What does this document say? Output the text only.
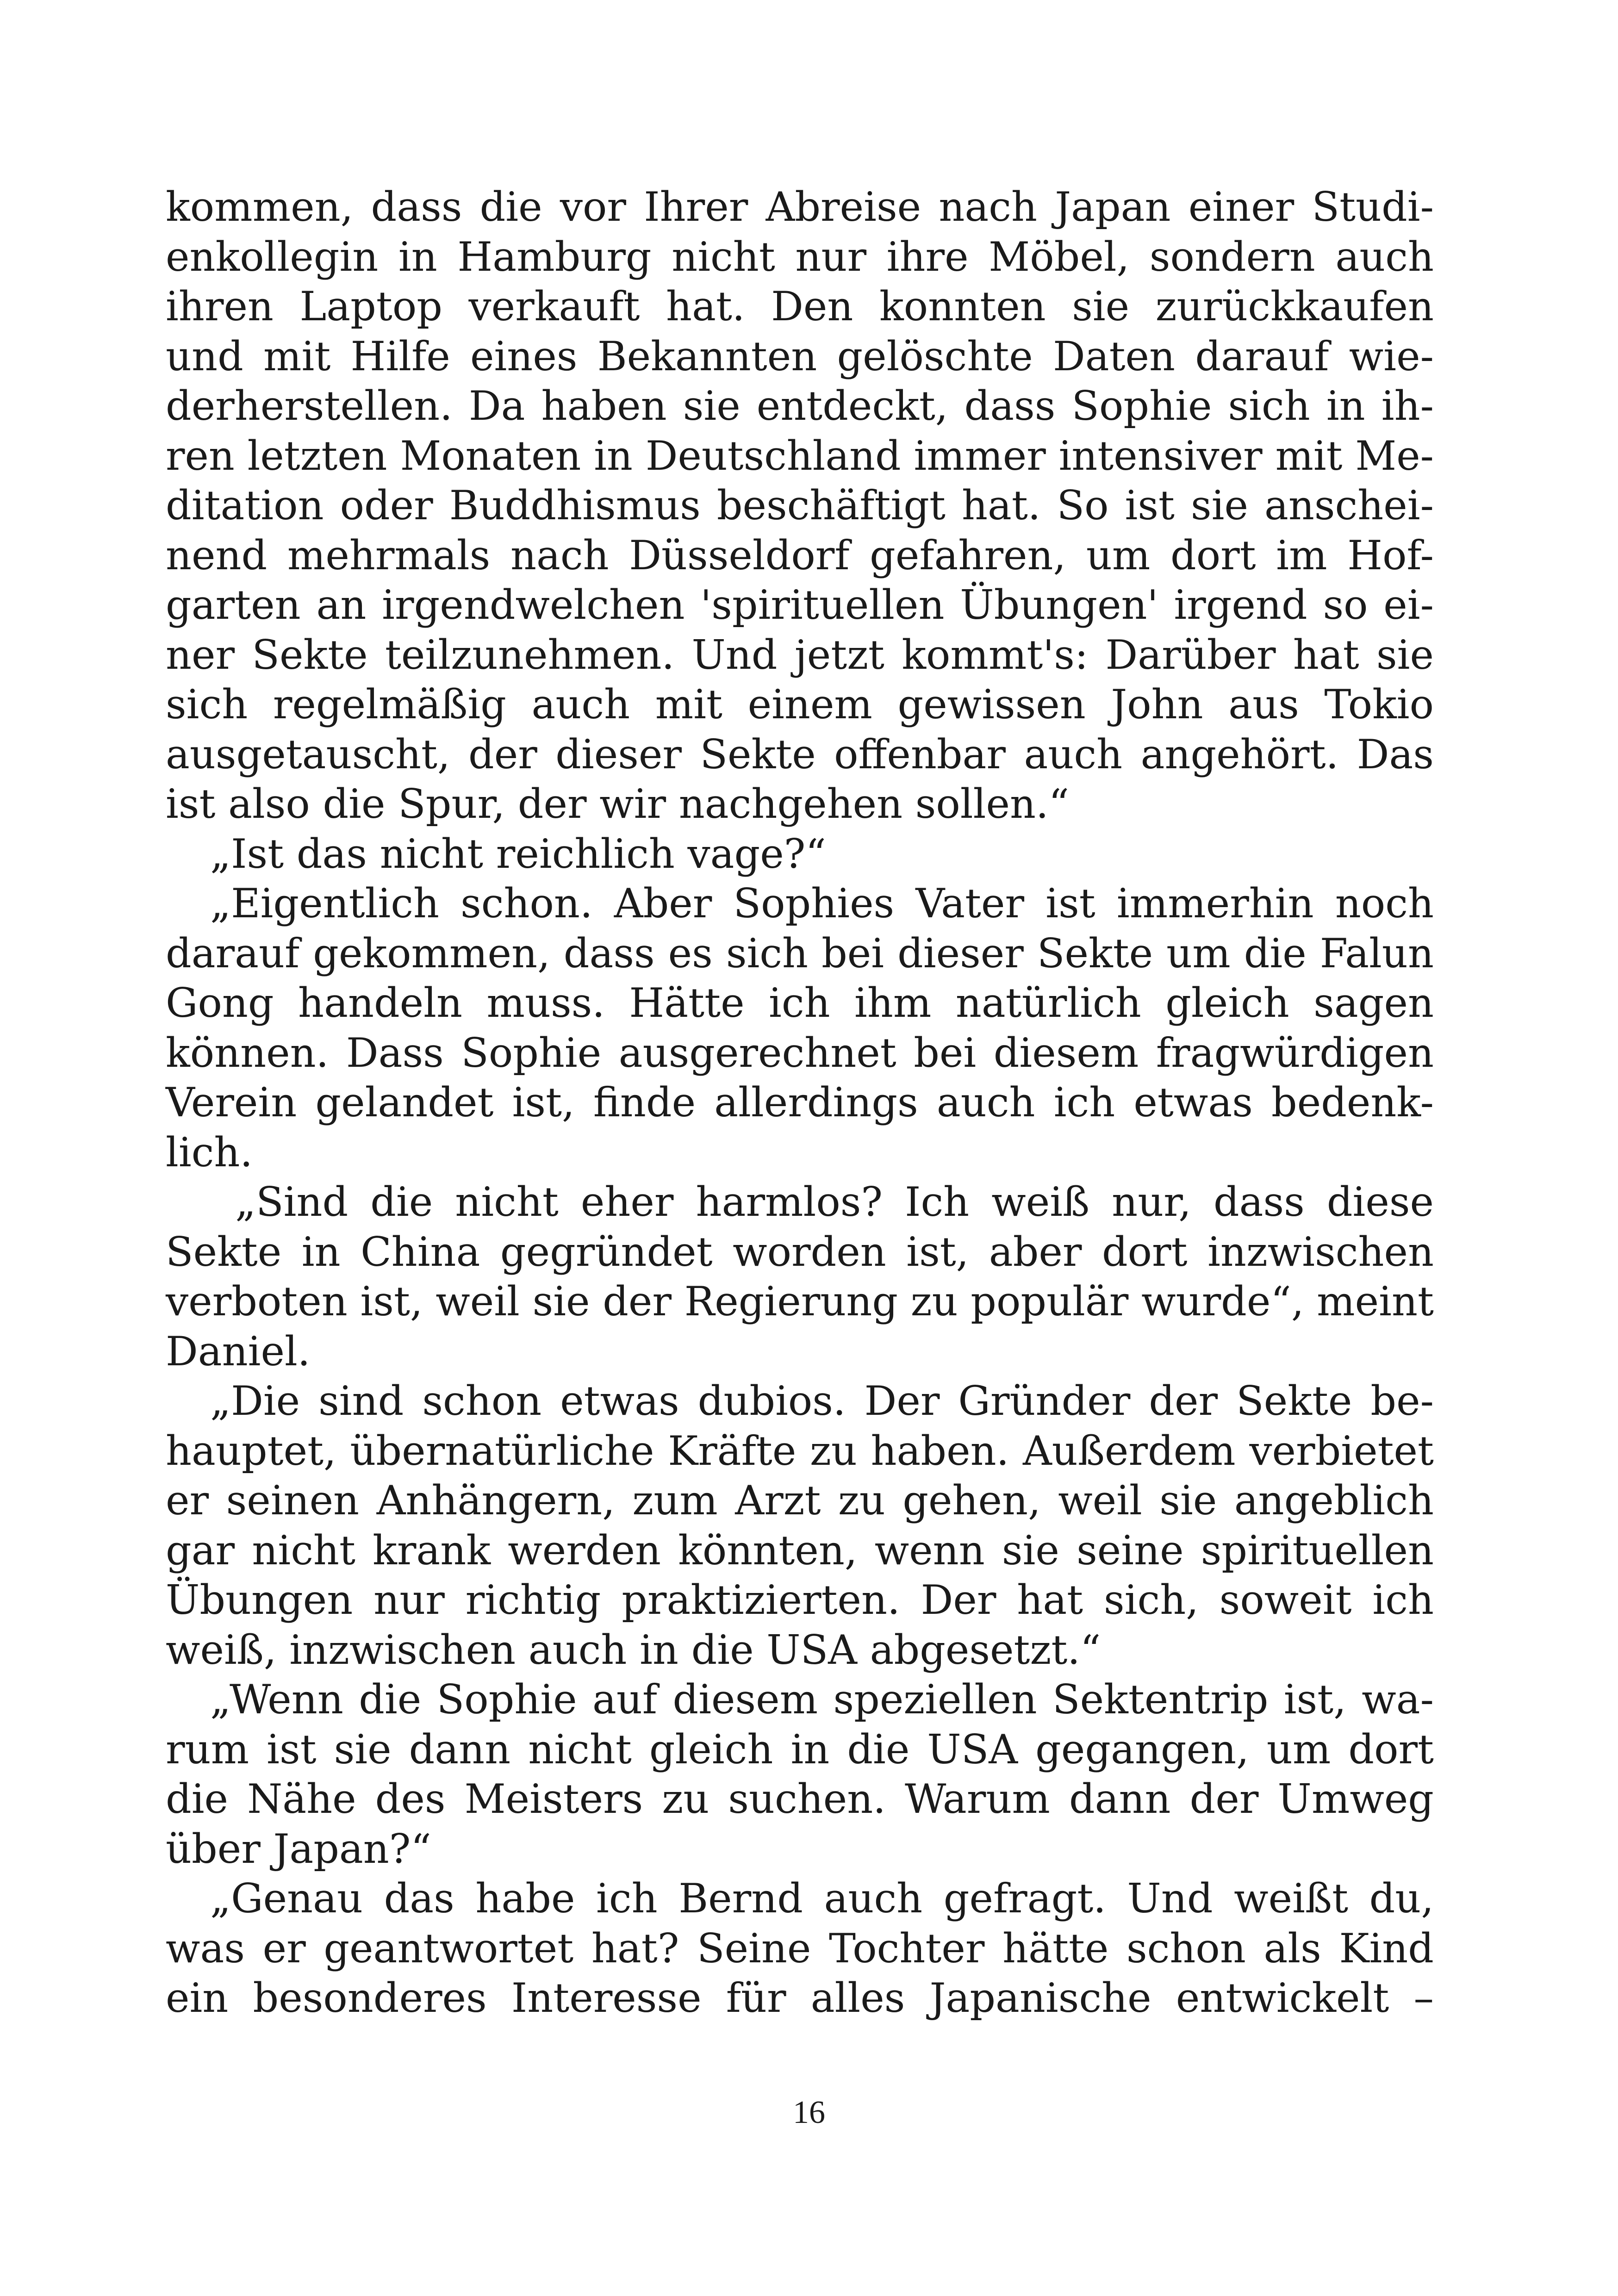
kommen, dass die vor Ihrer Abreise nach Japan einer Studi-
enkollegin in Hamburg nicht nur ihre Möbel, sondern auch
ihren Laptop verkauft hat. Den konnten sie zurückkaufen
und mit Hilfe eines Bekannten gelöschte Daten darauf wie-
derherstellen. Da haben sie entdeckt, dass Sophie sich in ih-
ren letzten Monaten in Deutschland immer intensiver mit Me-
ditation oder Buddhismus beschäftigt hat. So ist sie anschei-
nend mehrmals nach Düsseldorf gefahren, um dort im Hof-
garten an irgendwelchen 'spirituellen Übungen' irgend so ei-
ner Sekte teilzunehmen. Und jetzt kommt's: Darüber hat sie
sich regelmäßig auch mit einem gewissen John aus Tokio
ausgetauscht, der dieser Sekte offenbar auch angehört. Das
ist also die Spur, der wir nachgehen sollen.“
„Ist das nicht reichlich vage?“
„Eigentlich schon. Aber Sophies Vater ist immerhin noch
darauf gekommen, dass es sich bei dieser Sekte um die Falun
Gong handeln muss. Hätte ich ihm natürlich gleich sagen
können. Dass Sophie ausgerechnet bei diesem fragwürdigen
Verein gelandet ist, finde allerdings auch ich etwas bedenk-
lich.
„Sind die nicht eher harmlos? Ich weiß nur, dass diese
Sekte in China gegründet worden ist, aber dort inzwischen
verboten ist, weil sie der Regierung zu populär wurde“, meint
Daniel.
„Die sind schon etwas dubios. Der Gründer der Sekte be-
hauptet, übernatürliche Kräfte zu haben. Außerdem verbietet
er seinen Anhängern, zum Arzt zu gehen, weil sie angeblich
gar nicht krank werden könnten, wenn sie seine spirituellen
Übungen nur richtig praktizierten. Der hat sich, soweit ich
weiß, inzwischen auch in die USA abgesetzt.“
„Wenn die Sophie auf diesem speziellen Sektentrip ist, wa-
rum ist sie dann nicht gleich in die USA gegangen, um dort
die Nähe des Meisters zu suchen. Warum dann der Umweg
über Japan?“
„Genau das habe ich Bernd auch gefragt. Und weißt du,
was er geantwortet hat? Seine Tochter hätte schon als Kind
ein besonderes Interesse für alles Japanische entwickelt –
16
